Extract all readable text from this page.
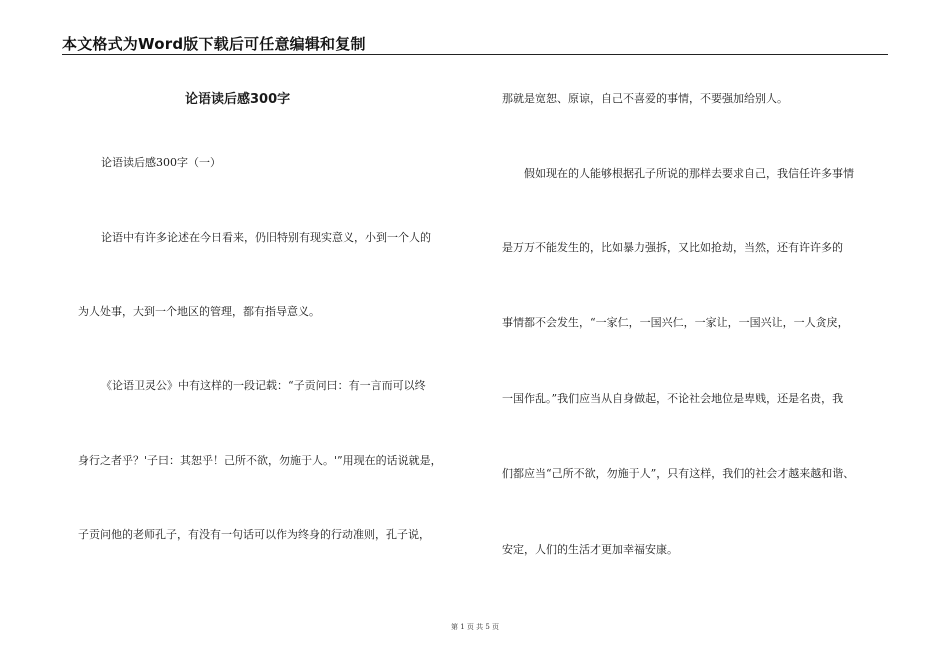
本文格式为Word版下载后可任意编辑和复制
论语读后感300字
论语读后感300字（一）
论语中有许多论述在今日看来，仍旧特别有现实意义，小到一个人的
为人处事，大到一个地区的管理，都有指导意义。
《论语卫灵公》中有这样的一段记载：“子贡问曰：有一言而可以终
身行之者乎？'子曰：其恕乎！己所不欲，勿施于人。'”用现在的话说就是，
子贡问他的老师孔子，有没有一句话可以作为终身的行动准则，孔子说，
那就是宽恕、原谅，自己不喜爱的事情，不要强加给别人。
假如现在的人能够根据孔子所说的那样去要求自己，我信任许多事情
是万万不能发生的，比如暴力强拆，又比如抢劫，当然，还有许许多的
事情都不会发生，“一家仁，一国兴仁，一家让，一国兴让，一人贪戾，
一国作乱。”我们应当从自身做起，不论社会地位是卑贱，还是名贵，我
们都应当“己所不欲，勿施于人”，只有这样，我们的社会才越来越和谐、
安定，人们的生活才更加幸福安康。
第 1 页 共 5 页
